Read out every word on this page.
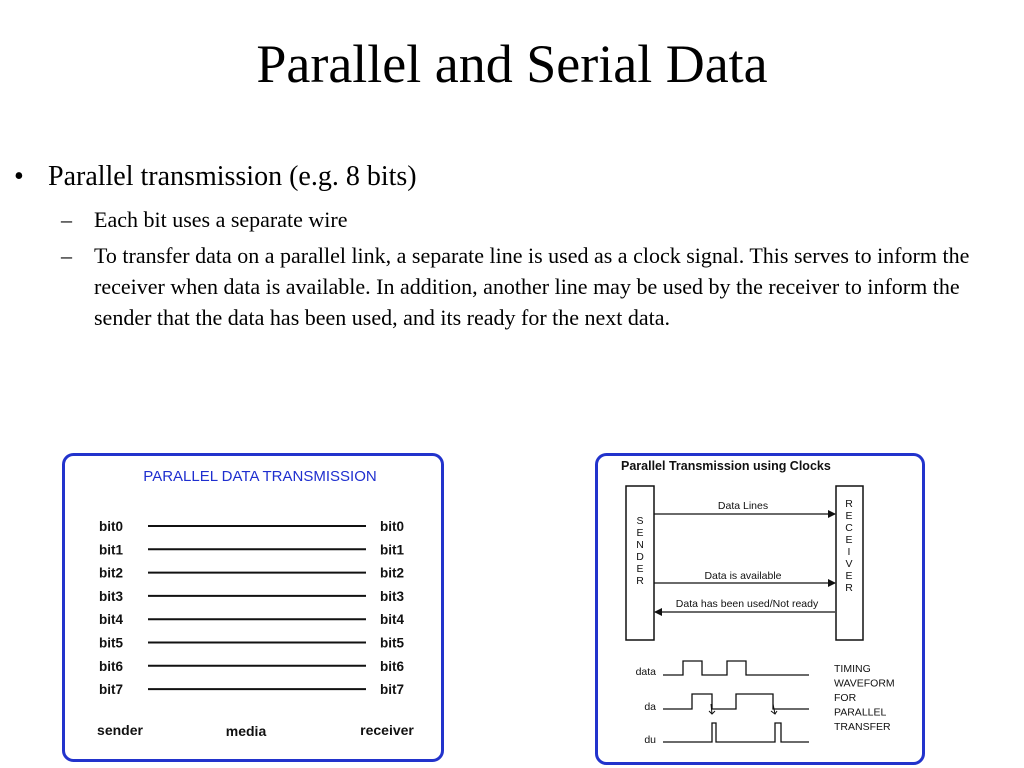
Parallel and Serial Data
• Parallel transmission (e.g. 8 bits)
– Each bit uses a separate wire
– To transfer data on a parallel link, a separate line is used as a clock signal. This serves to inform the receiver when data is available. In addition, another line may be used by the receiver to inform the sender that the data has been used, and its ready for the next data.
PARALLEL DATA TRANSMISSION
bit0	bit0
bit1	bit1
bit2	bit2
bit3	bit3
bit4	bit4
bit5	bit5
bit6	bit6
bit7	bit7
sender	media	receiver
Parallel Transmission using Clocks
S
E
N
D
E
R
R
E
C
E
I
V
E
R
Data Lines
Data is available
Data has been used/Not ready
data
da
du
TIMING
WAVEFORM
FOR
PARALLEL
TRANSFER
